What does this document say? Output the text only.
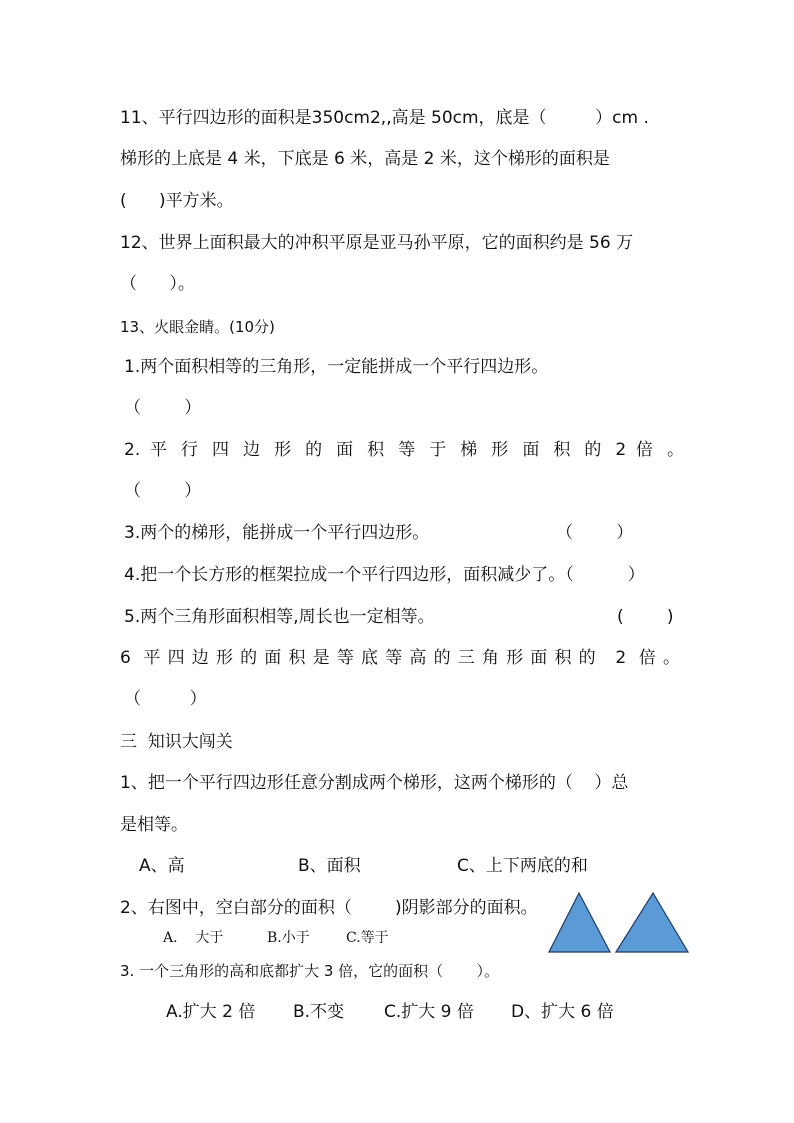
11、平行四边形的面积是350cm2,,高是 50cm，底是（         ）cm .
梯形的上底是 4 米，下底是 6 米，高是 2 米，这个梯形的面积是
(      )平方米。
12、世界上面积最大的冲积平原是亚马孙平原，它的面积约是 56 万
（      ）。
13、火眼金睛。(10分)
1.两个面积相等的三角形，一定能拼成一个平行四边形。
（        ）
2. 平 行 四 边 形 的 面 积 等 于 梯 形 面 积 的 2 倍 。
（        ）
3.两个的梯形，能拼成一个平行四边形。	（        ）
4.把一个长方形的框架拉成一个平行四边形，面积减少了。（          ）
5.两个三角形面积相等,周长也一定相等。	(        )
6 平四边形的面积是等底等高的三角形面积的 2 倍。
（         ）
三  知识大闯关
1、把一个平行四边形任意分割成两个梯形，这两个梯形的（    ）总
是相等。
A、高	B、面积	C、上下两底的和
2、右图中，空白部分的面积（        )阴影部分的面积。
A.    大于	B.小于	C.等于
3. 一个三角形的高和底都扩大 3 倍，它的面积（       ）。
A.扩大 2 倍 B.不变 C.扩大 9 倍 D、扩大 6 倍
